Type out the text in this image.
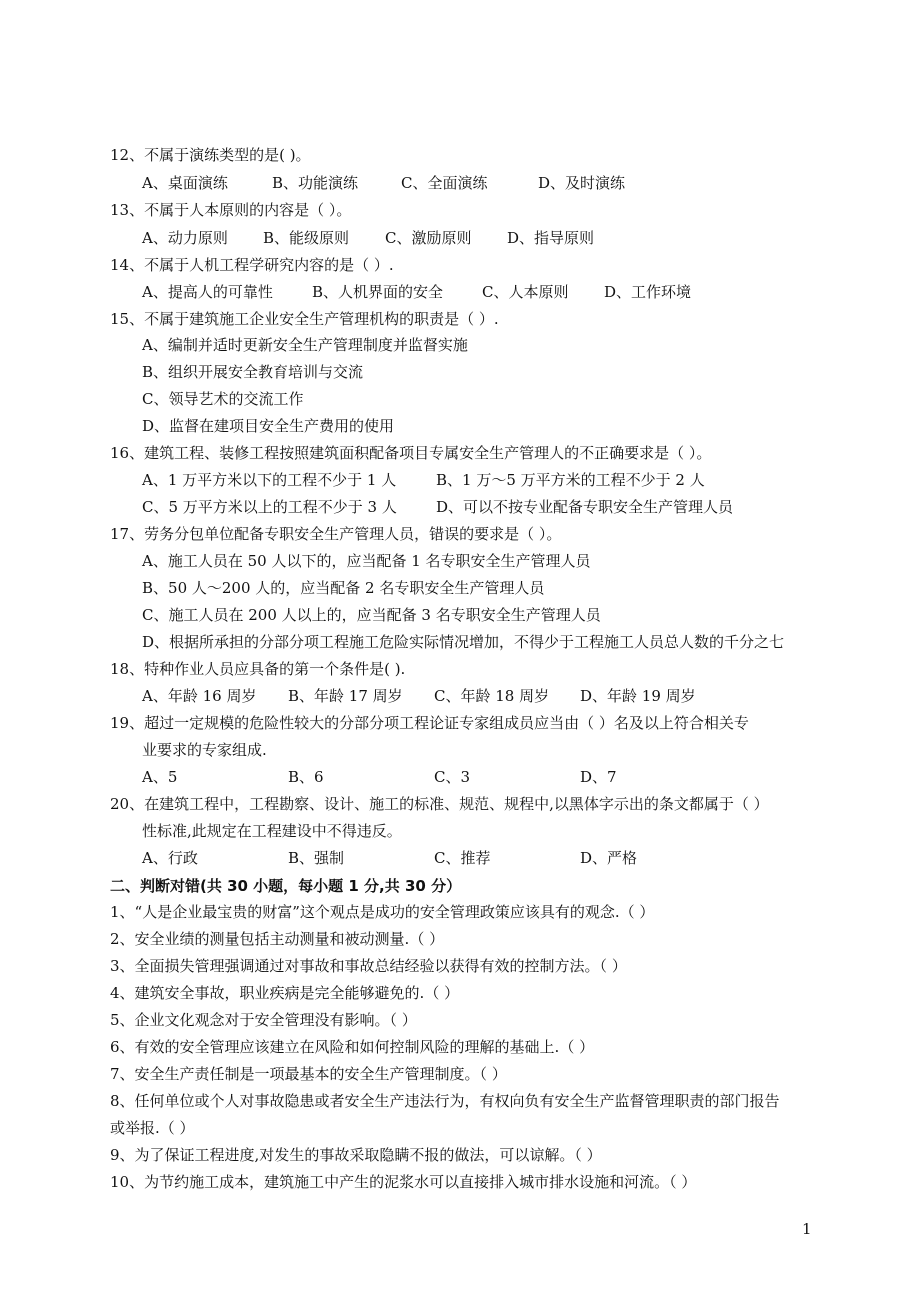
12、不属于演练类型的是( )。
A、桌面演练	B、功能演练	C、全面演练	D、及时演练
13、不属于人本原则的内容是（ ）。
A、动力原则 B、能级原则 C、激励原则 D、指导原则
14、不属于人机工程学研究内容的是（ ）.
A、提高人的可靠性	B、人机界面的安全	C、人本原则 D、工作环境
15、不属于建筑施工企业安全生产管理机构的职责是（ ）.
A、编制并适时更新安全生产管理制度并监督实施
B、组织开展安全教育培训与交流
C、领导艺术的交流工作
D、监督在建项目安全生产费用的使用
16、建筑工程、装修工程按照建筑面积配备项目专属安全生产管理人的不正确要求是（ ）。
A、1 万平方米以下的工程不少于 1 人	B、1 万～5 万平方米的工程不少于 2 人
C、5 万平方米以上的工程不少于 3 人	D、可以不按专业配备专职安全生产管理人员
17、劳务分包单位配备专职安全生产管理人员，错误的要求是（ ）。
A、施工人员在 50 人以下的，应当配备 1 名专职安全生产管理人员
B、50 人～200 人的，应当配备 2 名专职安全生产管理人员
C、施工人员在 200 人以上的，应当配备 3 名专职安全生产管理人员
D、根据所承担的分部分项工程施工危险实际情况增加，不得少于工程施工人员总人数的千分之七
18、特种作业人员应具备的第一个条件是( ).
A、年龄 16 周岁 B、年龄 17 周岁 C、年龄 18 周岁 D、年龄 19 周岁
19、超过一定规模的危险性较大的分部分项工程论证专家组成员应当由（ ）名及以上符合相关专
业要求的专家组成.
A、5	B、6	C、3	D、7
20、在建筑工程中，工程勘察、设计、施工的标准、规范、规程中,以黑体字示出的条文都属于（ ）
性标准,此规定在工程建设中不得违反。
A、行政	B、强制	C、推荐	D、严格
二、判断对错(共 30 小题，每小题 1 分,共 30 分）
1、“人是企业最宝贵的财富”这个观点是成功的安全管理政策应该具有的观念.（ ）
2、安全业绩的测量包括主动测量和被动测量.（ ）
3、全面损失管理强调通过对事故和事故总结经验以获得有效的控制方法。（ ）
4、建筑安全事故，职业疾病是完全能够避免的.（ ）
5、企业文化观念对于安全管理没有影响。（ ）
6、有效的安全管理应该建立在风险和如何控制风险的理解的基础上.（ ）
7、安全生产责任制是一项最基本的安全生产管理制度。（ ）
8、任何单位或个人对事故隐患或者安全生产违法行为，有权向负有安全生产监督管理职责的部门报告
或举报.（ ）
9、为了保证工程进度,对发生的事故采取隐瞒不报的做法，可以谅解。（ ）
10、为节约施工成本，建筑施工中产生的泥浆水可以直接排入城市排水设施和河流。（ ）
1
